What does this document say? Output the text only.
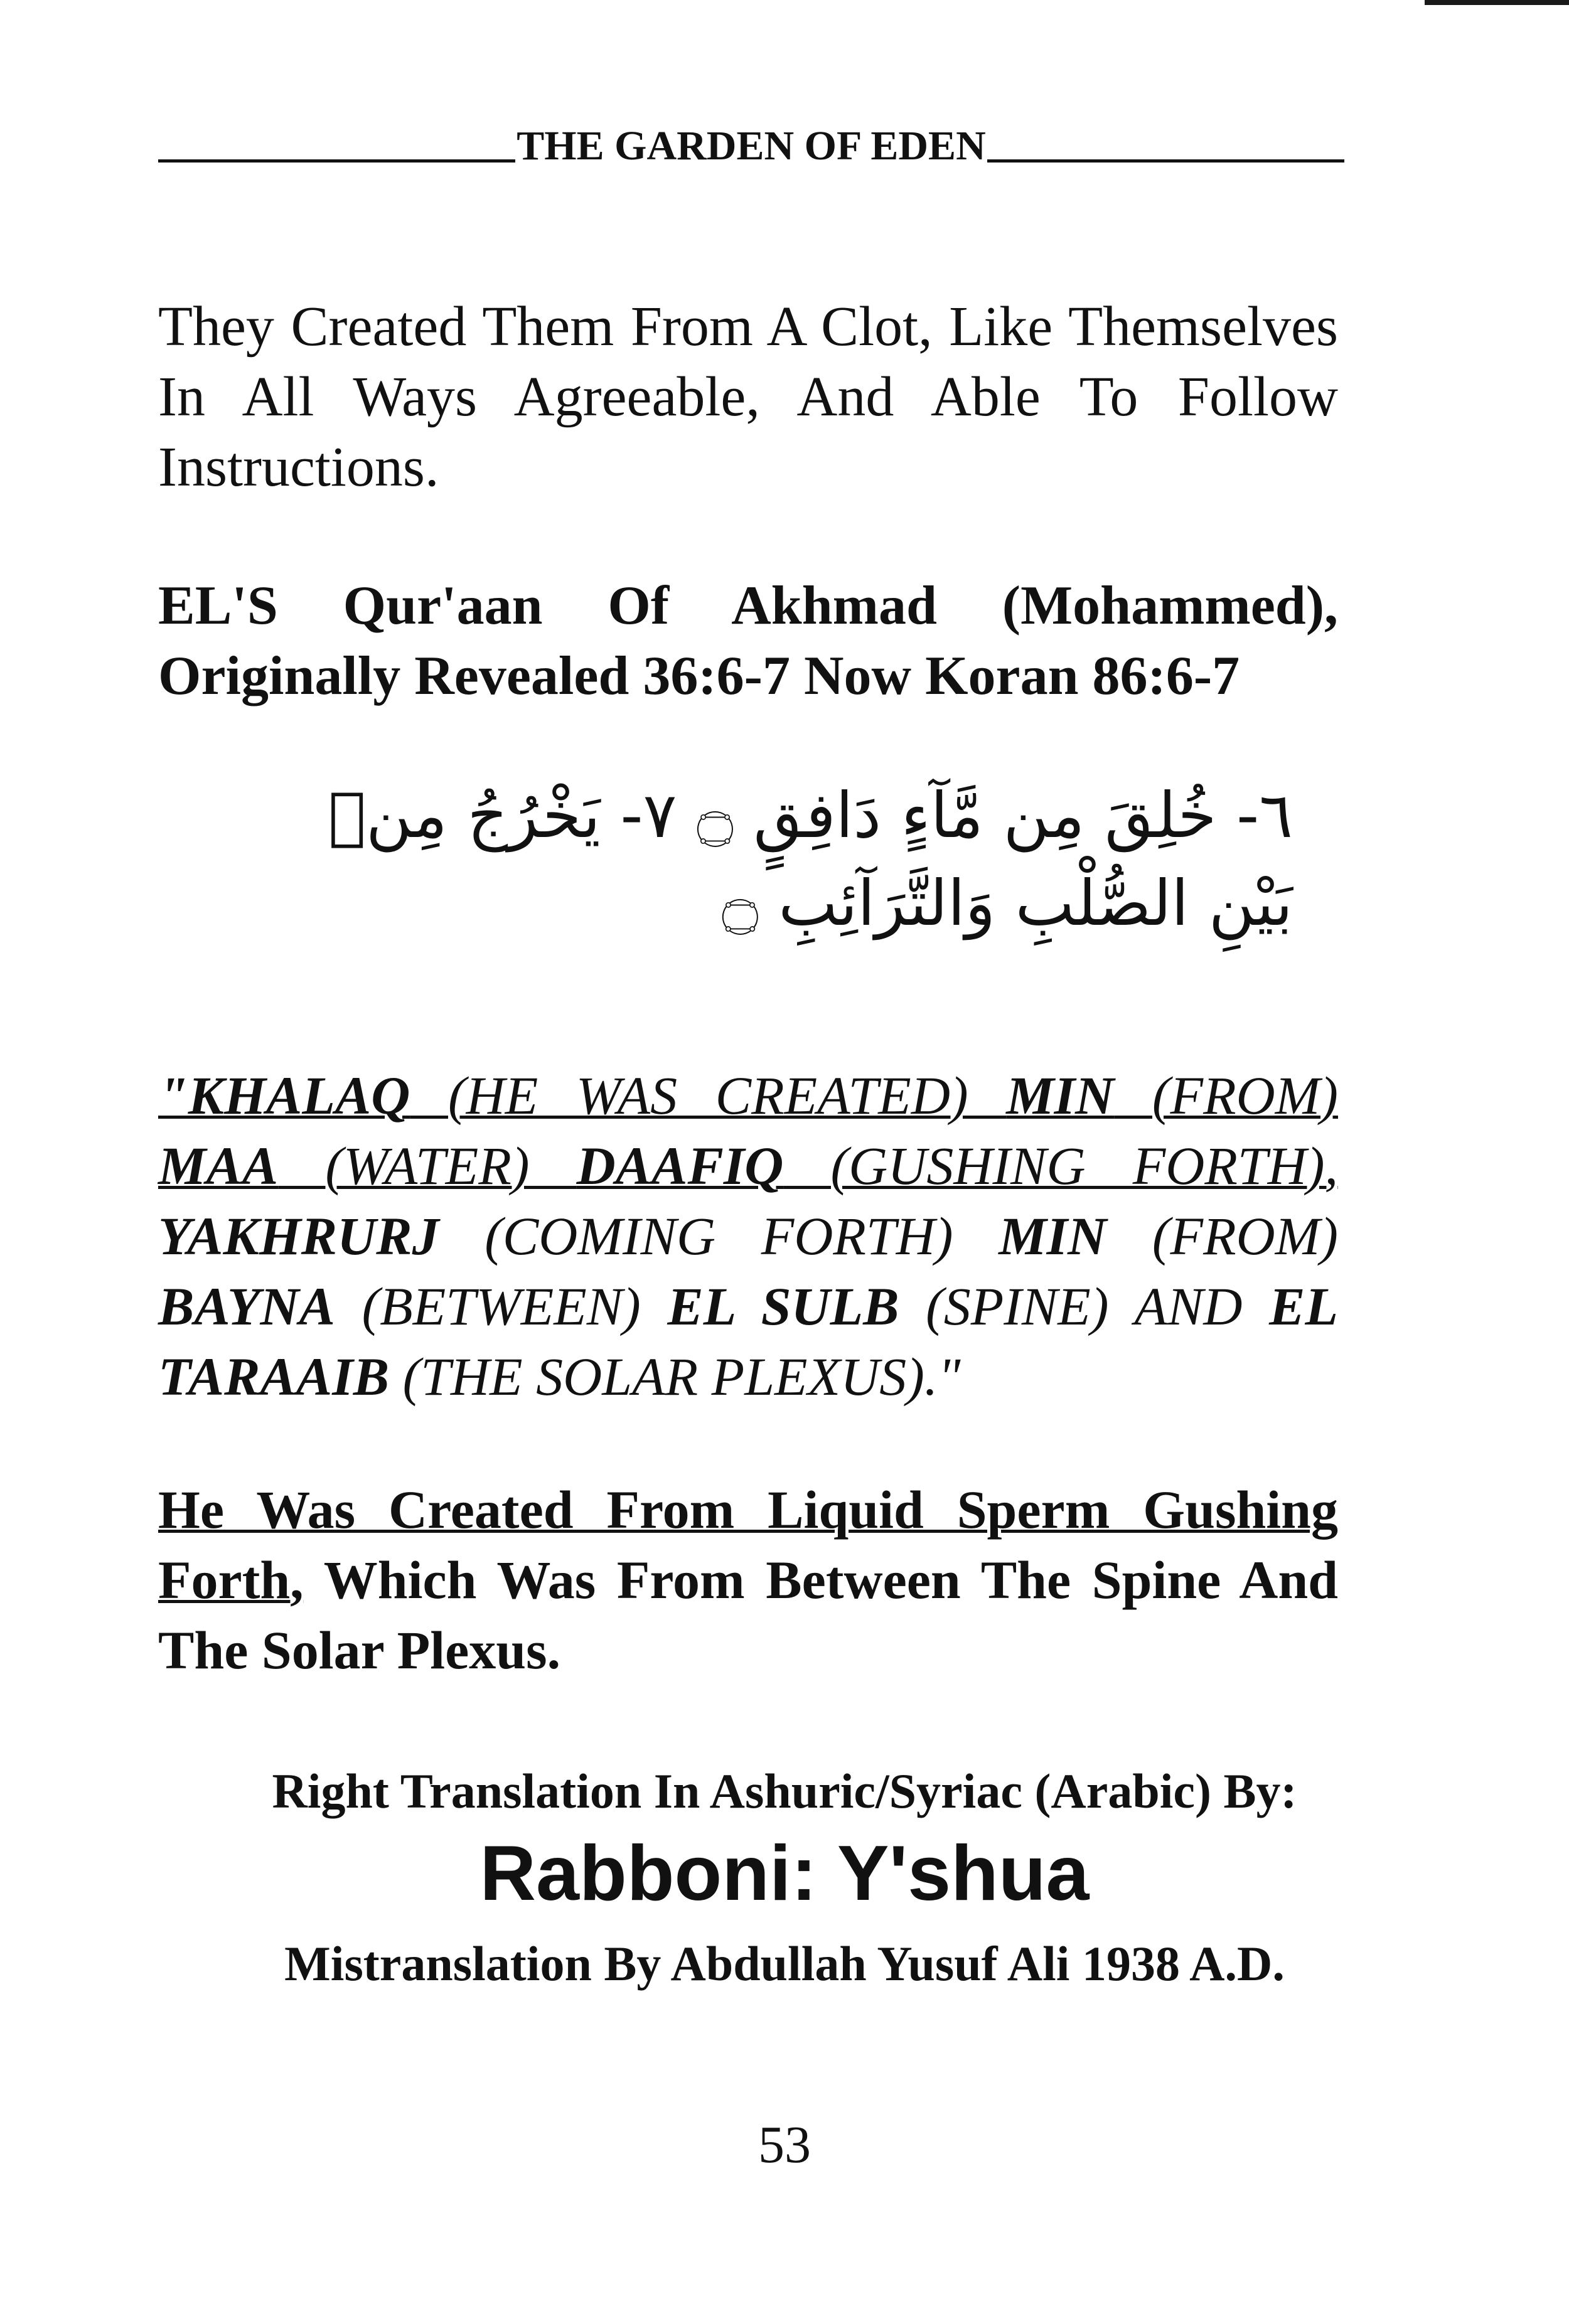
THE GARDEN OF EDEN
They Created Them From A Clot, Like Themselves In All Ways Agreeable, And Able To Follow Instructions.
EL'S Qur'aan Of Akhmad (Mohammed), Originally Revealed 36:6-7 Now Koran 86:6-7
٦- خُلِقَ مِن مَّآءٍ دَافِقٍ ۝ ٧- يَخْرُجُ مِنۢ بَيْنِ الصُّلْبِ وَالتَّرَآئِبِ ۝
"KHALAQ (HE WAS CREATED) MIN (FROM) MAA (WATER) DAAFIQ (GUSHING FORTH), YAKHRURJ (COMING FORTH) MIN (FROM) BAYNA (BETWEEN) EL SULB (SPINE) AND EL TARAAIB (THE SOLAR PLEXUS)."
He Was Created From Liquid Sperm Gushing Forth, Which Was From Between The Spine And The Solar Plexus.
Right Translation In Ashuric/Syriac (Arabic) By:
Rabboni: Y'shua
Mistranslation By Abdullah Yusuf Ali 1938 A.D.
53
